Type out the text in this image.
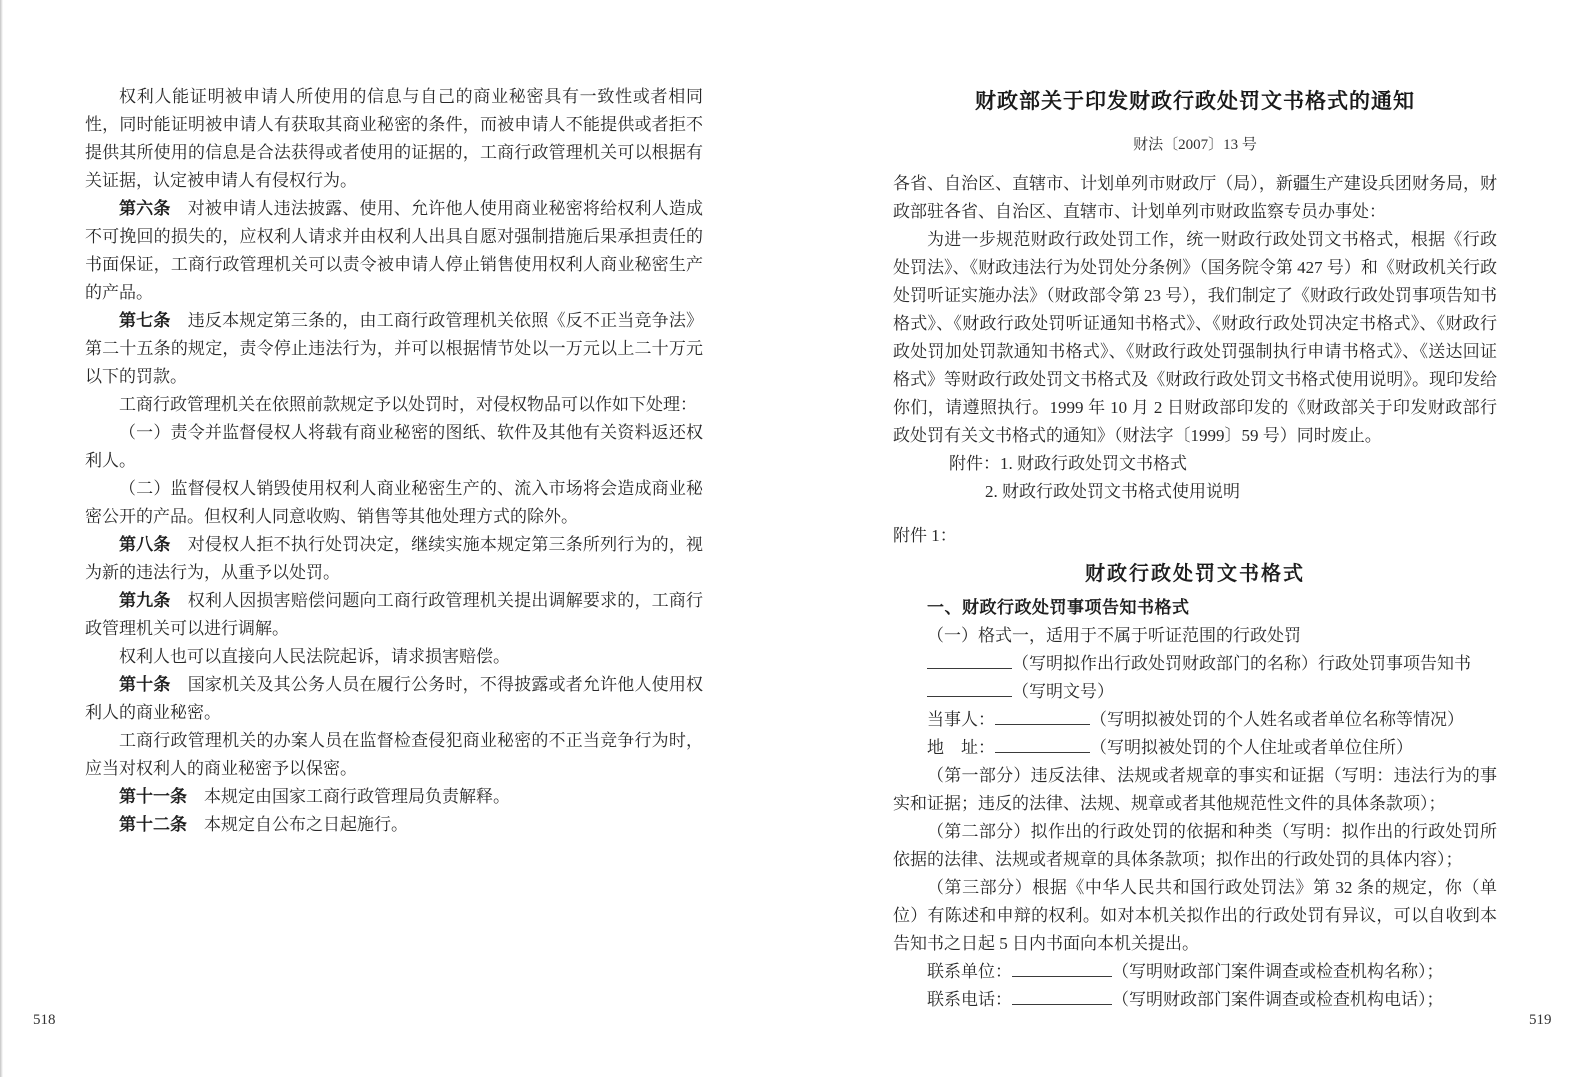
权利人能证明被申请人所使用的信息与自己的商业秘密具有一致性或者相同性，同时能证明被申请人有获取其商业秘密的条件，而被申请人不能提供或者拒不提供其所使用的信息是合法获得或者使用的证据的，工商行政管理机关可以根据有关证据，认定被申请人有侵权行为。

第六条　对被申请人违法披露、使用、允许他人使用商业秘密将给权利人造成不可挽回的损失的，应权利人请求并由权利人出具自愿对强制措施后果承担责任的书面保证，工商行政管理机关可以责令被申请人停止销售使用权利人商业秘密生产的产品。

第七条　违反本规定第三条的，由工商行政管理机关依照《反不正当竞争法》第二十五条的规定，责令停止违法行为，并可以根据情节处以一万元以上二十万元以下的罚款。

工商行政管理机关在依照前款规定予以处罚时，对侵权物品可以作如下处理：

（一）责令并监督侵权人将载有商业秘密的图纸、软件及其他有关资料返还权利人。

（二）监督侵权人销毁使用权利人商业秘密生产的、流入市场将会造成商业秘密公开的产品。但权利人同意收购、销售等其他处理方式的除外。

第八条　对侵权人拒不执行处罚决定，继续实施本规定第三条所列行为的，视为新的违法行为，从重予以处罚。

第九条　权利人因损害赔偿问题向工商行政管理机关提出调解要求的，工商行政管理机关可以进行调解。

权利人也可以直接向人民法院起诉，请求损害赔偿。

第十条　国家机关及其公务人员在履行公务时，不得披露或者允许他人使用权利人的商业秘密。

工商行政管理机关的办案人员在监督检查侵犯商业秘密的不正当竞争行为时，应当对权利人的商业秘密予以保密。

第十一条　本规定由国家工商行政管理局负责解释。

第十二条　本规定自公布之日起施行。

财政部关于印发财政行政处罚文书格式的通知
财法〔2007〕13 号

各省、自治区、直辖市、计划单列市财政厅（局），新疆生产建设兵团财务局，财政部驻各省、自治区、直辖市、计划单列市财政监察专员办事处：

为进一步规范财政行政处罚工作，统一财政行政处罚文书格式，根据《行政处罚法》、《财政违法行为处罚处分条例》（国务院令第 427 号）和《财政机关行政处罚听证实施办法》（财政部令第 23 号），我们制定了《财政行政处罚事项告知书格式》、《财政行政处罚听证通知书格式》、《财政行政处罚决定书格式》、《财政行政处罚加处罚款通知书格式》、《财政行政处罚强制执行申请书格式》、《送达回证格式》等财政行政处罚文书格式及《财政行政处罚文书格式使用说明》。现印发给你们，请遵照执行。1999 年 10 月 2 日财政部印发的《财政部关于印发财政部行政处罚有关文书格式的通知》（财法字〔1999〕59 号）同时废止。

附件：1. 财政行政处罚文书格式

2. 财政行政处罚文书格式使用说明

附件 1：

财政行政处罚文书格式

一、财政行政处罚事项告知书格式

（一）格式一，适用于不属于听证范围的行政处罚

（写明拟作出行政处罚财政部门的名称）行政处罚事项告知书

（写明文号）

当事人：	（写明拟被处罚的个人姓名或者单位名称等情况）

地　址：	（写明拟被处罚的个人住址或者单位住所）

（第一部分）违反法律、法规或者规章的事实和证据（写明：违法行为的事实和证据；违反的法律、法规、规章或者其他规范性文件的具体条款项）；

（第二部分）拟作出的行政处罚的依据和种类（写明：拟作出的行政处罚所依据的法律、法规或者规章的具体条款项；拟作出的行政处罚的具体内容）；

（第三部分）根据《中华人民共和国行政处罚法》第 32 条的规定，你（单位）有陈述和申辩的权利。如对本机关拟作出的行政处罚有异议，可以自收到本告知书之日起 5 日内书面向本机关提出。

联系单位：	（写明财政部门案件调查或检查机构名称）；

联系电话：	（写明财政部门案件调查或检查机构电话）；

518	519
